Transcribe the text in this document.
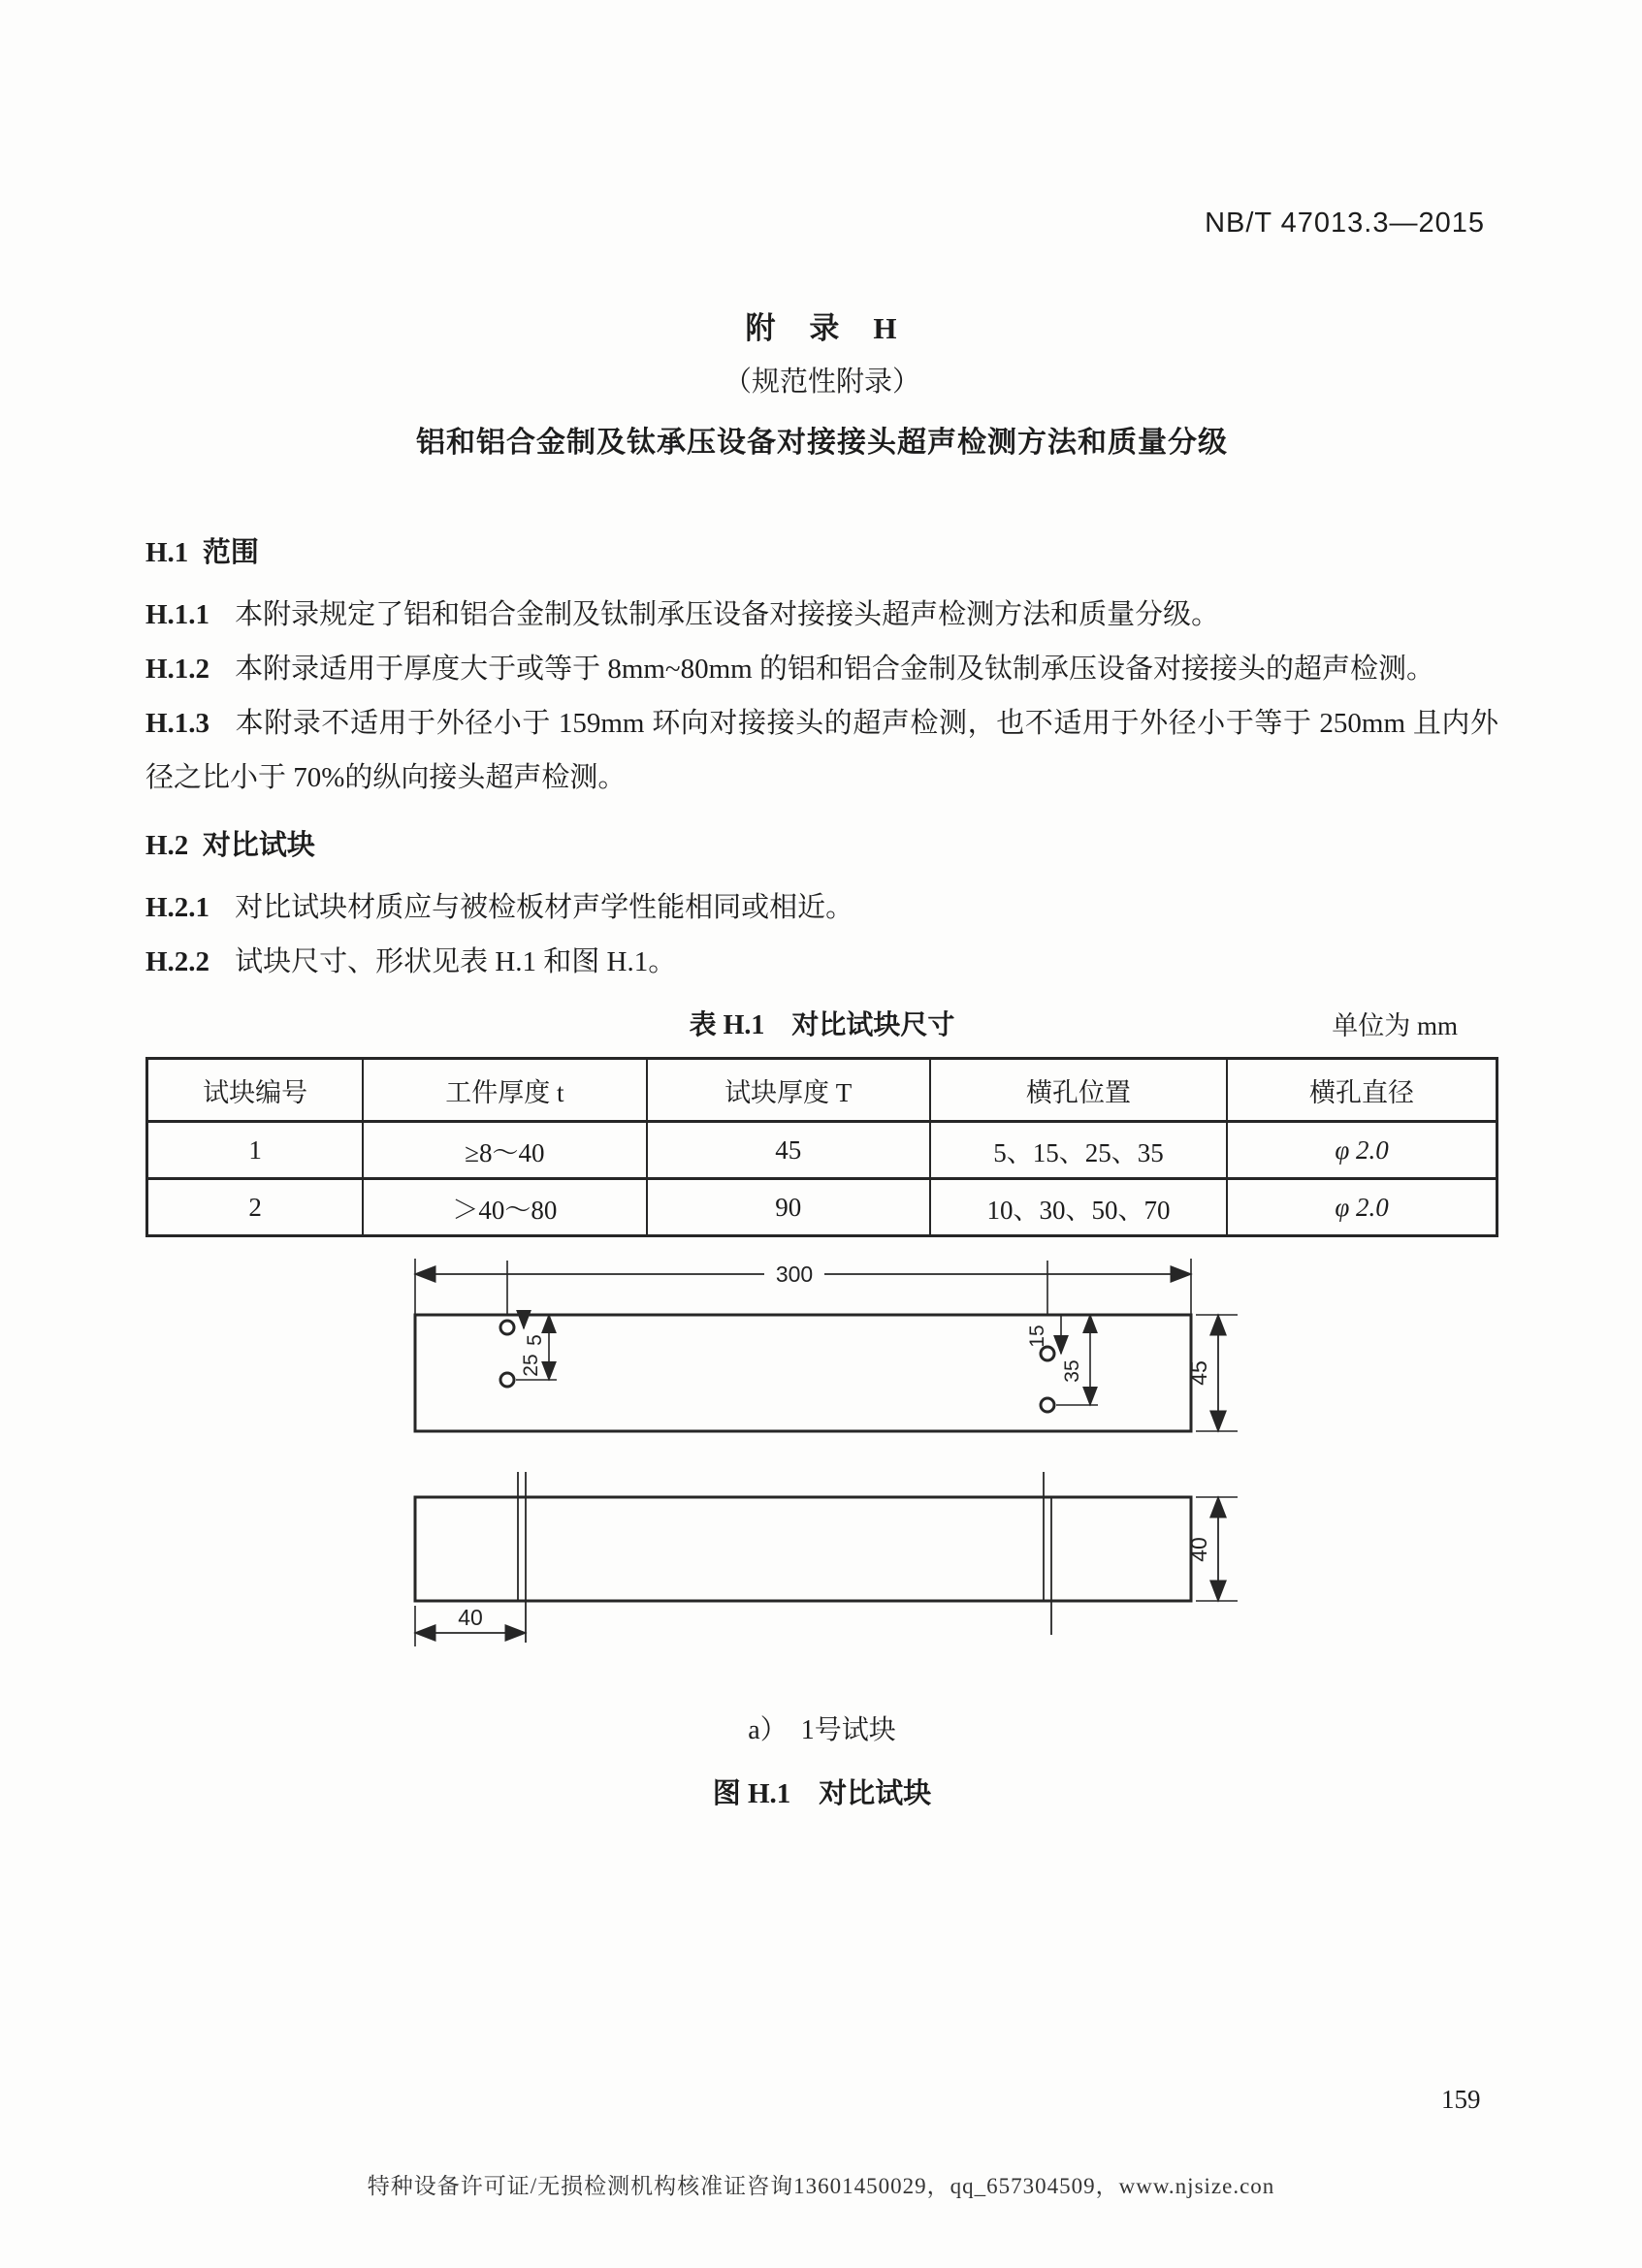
NB/T 47013.3—2015
附　录　H
（规范性附录）
铝和铝合金制及钛承压设备对接接头超声检测方法和质量分级
H.1 范围

H.1.1 本附录规定了铝和铝合金制及钛制承压设备对接接头超声检测方法和质量分级。

H.1.2 本附录适用于厚度大于或等于 8mm~80mm 的铝和铝合金制及钛制承压设备对接接头的超声检测。

H.1.3 本附录不适用于外径小于 159mm 环向对接接头的超声检测，也不适用于外径小于等于 250mm 且内外径之比小于 70%的纵向接头超声检测。

H.2 对比试块

H.2.1 对比试块材质应与被检板材声学性能相同或相近。

H.2.2 试块尺寸、形状见表 H.1 和图 H.1。

表 H.1　对比试块尺寸	单位为 mm
试块编号	工件厚度 t	试块厚度 T	横孔位置	横孔直径
1	≥8～40	45	5、15、25、35	φ 2.0
2	＞40～80	90	10、30、50、70	φ 2.0
300
5
25
15
35	45
40
40
a）　1号试块
图 H.1　对比试块
159
特种设备许可证/无损检测机构核准证咨询13601450029，qq_657304509，www.njsize.con
